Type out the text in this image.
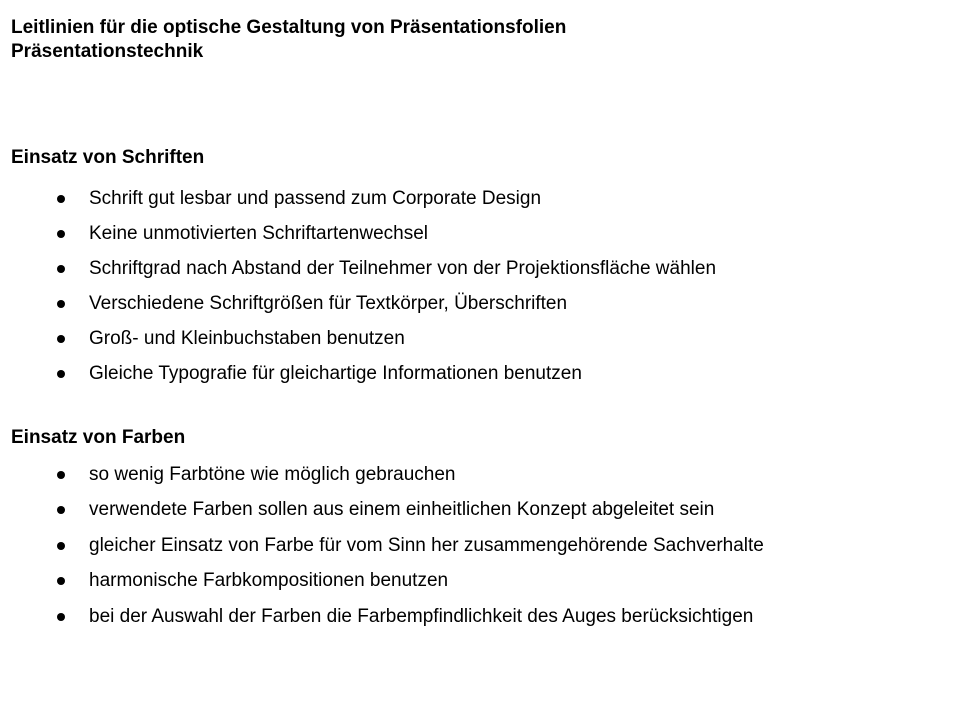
Leitlinien für die optische Gestaltung von Präsentationsfolien
Präsentationstechnik
Einsatz von Schriften
Schrift gut lesbar und passend zum Corporate Design
Keine unmotivierten Schriftartenwechsel
Schriftgrad nach Abstand der Teilnehmer von der Projektionsfläche wählen
Verschiedene Schriftgrößen für Textkörper, Überschriften
Groß- und Kleinbuchstaben benutzen
Gleiche Typografie für gleichartige Informationen benutzen
Einsatz von Farben
so wenig Farbtöne wie möglich gebrauchen
verwendete Farben sollen aus einem einheitlichen Konzept abgeleitet sein
gleicher Einsatz von Farbe für vom Sinn her zusammengehörende Sachverhalte
harmonische Farbkompositionen benutzen
bei der Auswahl der Farben die Farbempfindlichkeit des Auges berücksichtigen
